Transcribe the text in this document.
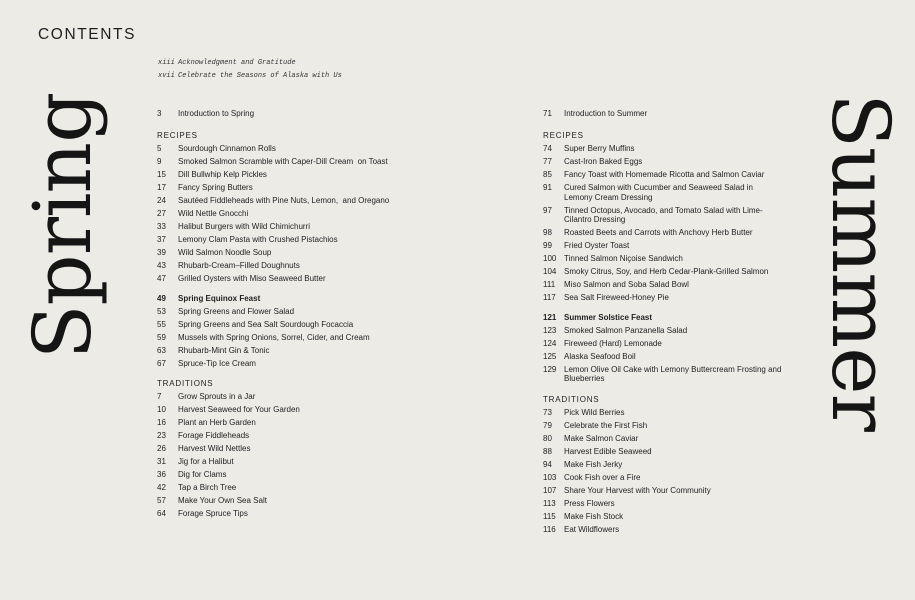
CONTENTS
xiii Acknowledgment and Gratitude
xvii Celebrate the Seasons of Alaska with Us
Spring	Summer
3	Introduction to Spring
RECIPES
5	Sourdough Cinnamon Rolls
9	Smoked Salmon Scramble with Caper-Dill Cream  on Toast
15	Dill Bullwhip Kelp Pickles
17	Fancy Spring Butters
24	Sautéed Fiddleheads with Pine Nuts, Lemon,  and Oregano
27	Wild Nettle Gnocchi
33	Halibut Burgers with Wild Chimichurri
37	Lemony Clam Pasta with Crushed Pistachios
39	Wild Salmon Noodle Soup
43	Rhubarb-Cream–Filled Doughnuts
47	Grilled Oysters with Miso Seaweed Butter
49	Spring Equinox Feast
53	Spring Greens and Flower Salad
55	Spring Greens and Sea Salt Sourdough Focaccia
59	Mussels with Spring Onions, Sorrel, Cider, and Cream
63	Rhubarb-Mint Gin & Tonic
67	Spruce-Tip Ice Cream
TRADITIONS
7	Grow Sprouts in a Jar
10	Harvest Seaweed for Your Garden
16	Plant an Herb Garden
23	Forage Fiddleheads
26	Harvest Wild Nettles
31	Jig for a Halibut
36	Dig for Clams
42	Tap a Birch Tree
57	Make Your Own Sea Salt
64	Forage Spruce Tips
71	Introduction to Summer
RECIPES
74	Super Berry Muffins
77	Cast-Iron Baked Eggs
85	Fancy Toast with Homemade Ricotta and Salmon Caviar
91	Cured Salmon with Cucumber and Seaweed Salad in Lemony Cream Dressing
97	Tinned Octopus, Avocado, and Tomato Salad with Lime-Cilantro Dressing
98	Roasted Beets and Carrots with Anchovy Herb Butter
99	Fried Oyster Toast
100 Tinned Salmon Niçoise Sandwich
104 Smoky Citrus, Soy, and Herb Cedar-Plank-Grilled Salmon
111	Miso Salmon and Soba Salad Bowl
117	Sea Salt Fireweed-Honey Pie
121 Summer Solstice Feast
123 Smoked Salmon Panzanella Salad
124 Fireweed (Hard) Lemonade
125 Alaska Seafood Boil
129 Lemon Olive Oil Cake with Lemony Buttercream Frosting and Blueberries
TRADITIONS
73	Pick Wild Berries
79	Celebrate the First Fish
80	Make Salmon Caviar
88	Harvest Edible Seaweed
94	Make Fish Jerky
103 Cook Fish over a Fire
107 Share Your Harvest with Your Community
113	Press Flowers
115	Make Fish Stock
116	Eat Wildflowers
